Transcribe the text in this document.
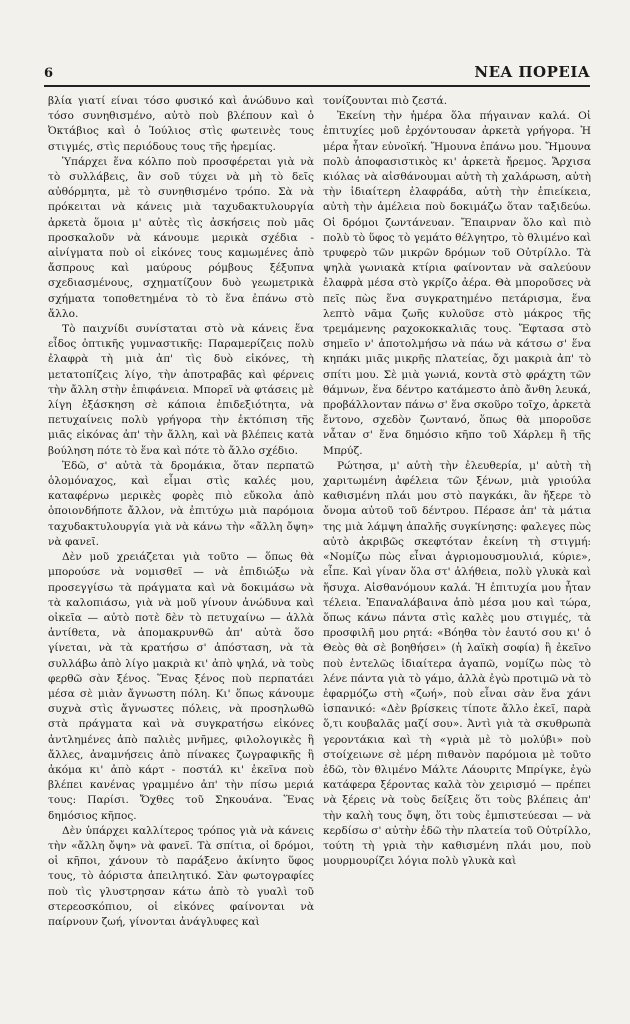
6	ΝΕΑ ΠΟΡΕΙΑ

βλία γιατί είναι τόσο φυσικό καὶ ἀνώδυνο καὶ τόσο συνηθισμένο, αὐτὸ ποὺ βλέπουν καὶ ὁ Ὀκτάβιος καὶ ὁ Ἰούλιος στὶς φωτεινὲς τους στιγμές, στὶς περιόδους τους τῆς ἠρεμίας.

Ὑπάρχει ἕνα κόλπο ποὺ προσφέρεται γιὰ νὰ τὸ συλλάβεις, ἂν σοῦ τύχει νὰ μὴ τὸ δεῖς αὐθόρμητα, μὲ τὸ συνηθισμένο τρόπο. Σὰ νὰ πρόκειται νὰ κάνεις μιὰ ταχυδακτυλουργία ἀρκετὰ ὅμοια μ' αὐτὲς τὶς ἀσκήσεις ποὺ μᾶς προσκαλοῦν νὰ κάνουμε μερικὰ σχέδια - αἰνίγματα ποὺ οἱ εἰκόνες τους καμωμένες ἀπὸ ἄσπρους καὶ μαύρους ρόμβους ξέξυπνα σχεδιασμένους, σχηματίζουν δυὸ γεωμετρικὰ σχήματα τοποθετημένα τὸ τὸ ἕνα ἐπάνω στὸ ἄλλο.

Τὸ παιχνίδι συνίσταται στὸ νὰ κάνεις ἕνα εἶδος ὀπτικῆς γυμναστικῆς: Παραμερίζεις πολὺ ἐλαφρὰ τὴ μιὰ ἀπ' τὶς δυὸ εἰκόνες, τὴ μετατοπίζεις λίγο, τὴν ἀποτραβᾶς καὶ φέρνεις τὴν ἄλλη στὴν ἐπιφάνεια. Μπορεῖ νὰ φτάσεις μὲ λίγη ἐξάσκηση σὲ κάποια ἐπιδεξιότητα, νὰ πετυχαίνεις πολὺ γρήγορα τὴν ἐκτόπιση τῆς μιᾶς εἰκόνας ἀπ' τὴν ἄλλη, καὶ νὰ βλέπεις κατὰ βούληση πότε τὸ ἕνα καὶ πότε τὸ ἄλλο σχέδιο.

Ἐδῶ, σ' αὐτὰ τὰ δρομάκια, ὅταν περπατῶ ὁλομόναχος, καὶ εἶμαι στὶς καλές μου, καταφέρνω μερικὲς φορὲς πιὸ εὔκολα ἀπὸ ὁποιονδήποτε ἄλλον, νὰ ἐπιτύχω μιὰ παρόμοια ταχυδακτυλουργία γιὰ νὰ κάνω τὴν «ἄλλη ὄψη» νὰ φανεῖ.

Δὲν μοῦ χρειάζεται γιὰ τοῦτο — ὅπως θὰ μπορούσε νὰ νομισθεῖ — νὰ ἐπιδιώξω νὰ προσεγγίσω τὰ πράγματα καὶ νὰ δοκιμάσω νὰ τὰ καλοπιάσω, γιὰ νὰ μοῦ γίνουν ἀνώδυνα καὶ οἰκεῖα — αὐτὸ ποτὲ δὲν τὸ πετυχαίνω — ἀλλὰ ἀντίθετα, νὰ ἀπομακρυνθῶ ἀπ' αὐτὰ ὅσο γίνεται, νὰ τὰ κρατήσω σ' ἀπόσταση, νὰ τὰ συλλάβω ἀπὸ λίγο μακριὰ κι' ἀπὸ ψηλά, νὰ τοὺς φερθῶ σὰν ξένος. Ἕνας ξένος ποὺ περπατάει μέσα σὲ μιὰν ἄγνωστη πόλη. Κι' ὅπως κάνουμε συχνὰ στὶς ἄγνωστες πόλεις, νὰ προσηλωθῶ στὰ πράγματα καὶ νὰ συγκρατήσω εἰκόνες ἀντλημένες ἀπὸ παλιὲς μνῆμες, φιλολογικὲς ἢ ἄλλες, ἀναμνήσεις ἀπὸ πίνακες ζωγραφικῆς ἢ ἀκόμα κι' ἀπὸ κάρτ - ποστάλ κι' ἐκεῖνα ποὺ βλέπει κανένας γραμμένο ἀπ' τὴν πίσω μεριά τους: Παρίσι. Ὄχθες τοῦ Σηκουάνα. Ἕνας δημόσιος κῆπος.

Δὲν ὑπάρχει καλλίτερος τρόπος γιὰ νὰ κάνεις τὴν «ἄλλη ὄψη» νὰ φανεῖ. Τὰ σπίτια, οἱ δρόμοι, οἱ κῆποι, χάνουν τὸ παράξενο ἀκίνητο ὕφος τους, τὸ ἀόριστα ἀπειλητικό. Σὰν φωτογραφίες ποὺ τὶς γλυστρησαν κάτω ἀπὸ τὸ γυαλὶ τοῦ στερεοσκόπιου, οἱ εἰκόνες φαίνονται νὰ παίρνουν ζωή, γίνονται ἀνάγλυφες καὶ

τονίζουνται πιὸ ζεστά.

Ἐκείνη τὴν ἡμέρα ὅλα πήγαιναν καλά. Οἱ ἐπιτυχίες μοῦ ἐρχόντουσαν ἀρκετὰ γρήγορα. Ἡ μέρα ἦταν εὐνοϊκή. Ἤμουνα ἐπάνω μου. Ἤμουνα πολὺ ἀποφασιστικὸς κι' ἀρκετὰ ἤρεμος. Ἄρχισα κιόλας νὰ αἰσθάνουμαι αὐτὴ τὴ χαλάρωση, αὐτὴ τὴν ἰδιαίτερη ἐλαφράδα, αὐτὴ τὴν ἐπιείκεια, αὐτὴ τὴν ἀμέλεια ποὺ δοκιμάζω ὅταν ταξιδεύω. Οἱ δρόμοι ζωντάνευαν. Ἔπαιρναν ὅλο καὶ πιὸ πολὺ τὸ ὕφος τὸ γεμάτο θέλγητρο, τὸ θλιμένο καὶ τρυφερὸ τῶν μικρῶν δρόμων τοῦ Οὐτρίλλο. Τὰ ψηλὰ γωνιακὰ κτίρια φαίνονταν νὰ σαλεύουν ἐλαφρὰ μέσα στὸ γκρίζο ἀέρα. Θὰ μποροῦσες νὰ πεῖς πὼς ἕνα συγκρατημένο πετάρισμα, ἕνα λεπτὸ νᾶμα ζωῆς κυλοῦσε στὸ μάκρος τῆς τρεμάμενης ραχοκοκκαλιᾶς τους. Ἔφτασα στὸ σημεῖο ν' ἀποτολμήσω νὰ πάω νὰ κάτσω σ' ἕνα κηπάκι μιᾶς μικρῆς πλατείας, ὄχι μακριὰ ἀπ' τὸ σπίτι μου. Σὲ μιὰ γωνιά, κοντὰ στὸ φράχτη τῶν θάμνων, ἕνα δέντρο κατάμεστο ἀπὸ ἄνθη λευκά, προβάλλονταν πάνω σ' ἕνα σκοῦρο τοῖχο, ἀρκετὰ ἔντονο, σχεδὸν ζωντανό, ὅπως θὰ μποροῦσε νἆταν σ' ἕνα δημόσιο κῆπο τοῦ Χάρλεμ ἢ τῆς Μπρύζ.

Ρώτησα, μ' αὐτὴ τὴν ἐλευθερία, μ' αὐτὴ τὴ χαριτωμένη ἀφέλεια τῶν ξένων, μιὰ γριούλα καθισμένη πλάι μου στὸ παγκάκι, ἂν ἤξερε τὸ ὄνομα αὐτοῦ τοῦ δέντρου. Πέρασε ἀπ' τὰ μάτια της μιὰ λάμψη ἀπαλῆς συγκίνησης: φαλεγες πὼς αὐτὸ ἀκριβῶς σκεφτόταν ἐκείνη τὴ στιγμή: «Νομίζω πὼς εἶναι ἀγριομουσμουλιά, κύριε», εἶπε. Καὶ γίναν ὅλα στ' ἀλήθεια, πολὺ γλυκὰ καὶ ἥσυχα. Αἰσθανόμουν καλά. Ἡ ἐπιτυχία μου ἦταν τέλεια. Ἐπαναλάβαινα ἀπὸ μέσα μου καὶ τώρα, ὅπως κάνω πάντα στὶς καλὲς μου στιγμές, τὰ προσφιλῆ μου ρητά: «Βόηθα τὸν ἑαυτό σου κι' ὁ Θεὸς θὰ σὲ βοηθήσει» (ἡ λαϊκὴ σοφία) ἢ ἐκεῖνο ποὺ ἐντελῶς ἰδιαίτερα ἀγαπῶ, νομίζω πὼς τὸ λένε πάντα γιὰ τὸ γάμο, ἀλλὰ ἐγὼ προτιμῶ νὰ τὸ ἐφαρμόζω στὴ «ζωή», ποὺ εἶναι σὰν ἕνα χάνι ἰσπανικό: «Δὲν βρίσκεις τίποτε ἄλλο ἐκεῖ, παρὰ ὅ,τι κουβαλᾶς μαζί σου». Ἀντὶ γιὰ τὰ σκυθρωπὰ γεροντάκια καὶ τὴ «γριὰ μὲ τὸ μολύβι» ποὺ στοίχειωνε σὲ μέρη πιθανὸν παρόμοια μὲ τοῦτο ἐδῶ, τὸν θλιμένο Μάλτε Λάουριτς Μπρίγκε, ἐγὼ κατάφερα ξέροντας καλὰ τὸν χειρισμό — πρέπει νὰ ξέρεις νὰ τοὺς δείξεις ὅτι τοὺς βλέπεις ἀπ' τὴν καλὴ τους ὄψη, ὅτι τοὺς ἐμπιστεύεσαι — νὰ κερδίσω σ' αὐτὴν ἐδῶ τὴν πλατεία τοῦ Οὐτρίλλο, τούτη τὴ γριὰ τὴν καθισμένη πλάι μου, ποὺ μουρμουρίζει λόγια πολὺ γλυκὰ καὶ
